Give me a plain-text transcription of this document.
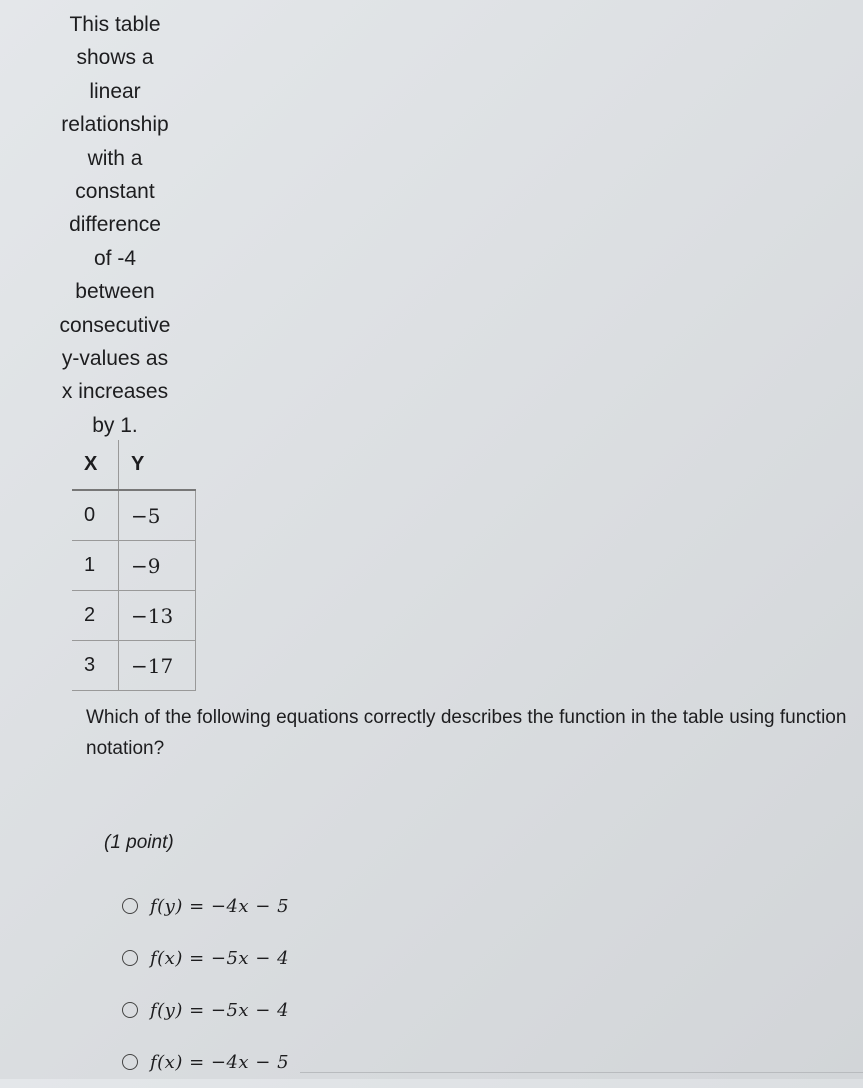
This table
shows a
linear
relationship
with a
constant
difference
of -4
between
consecutive
y-values as
x increases
by 1.
X	Y
0	−5
1	−9
2	−13
3	−17
Which of the following equations correctly describes the function in the table using function notation?
(1 point)
f(y) = −4x − 5
f(x) = −5x − 4
f(y) = −5x − 4
f(x) = −4x − 5
